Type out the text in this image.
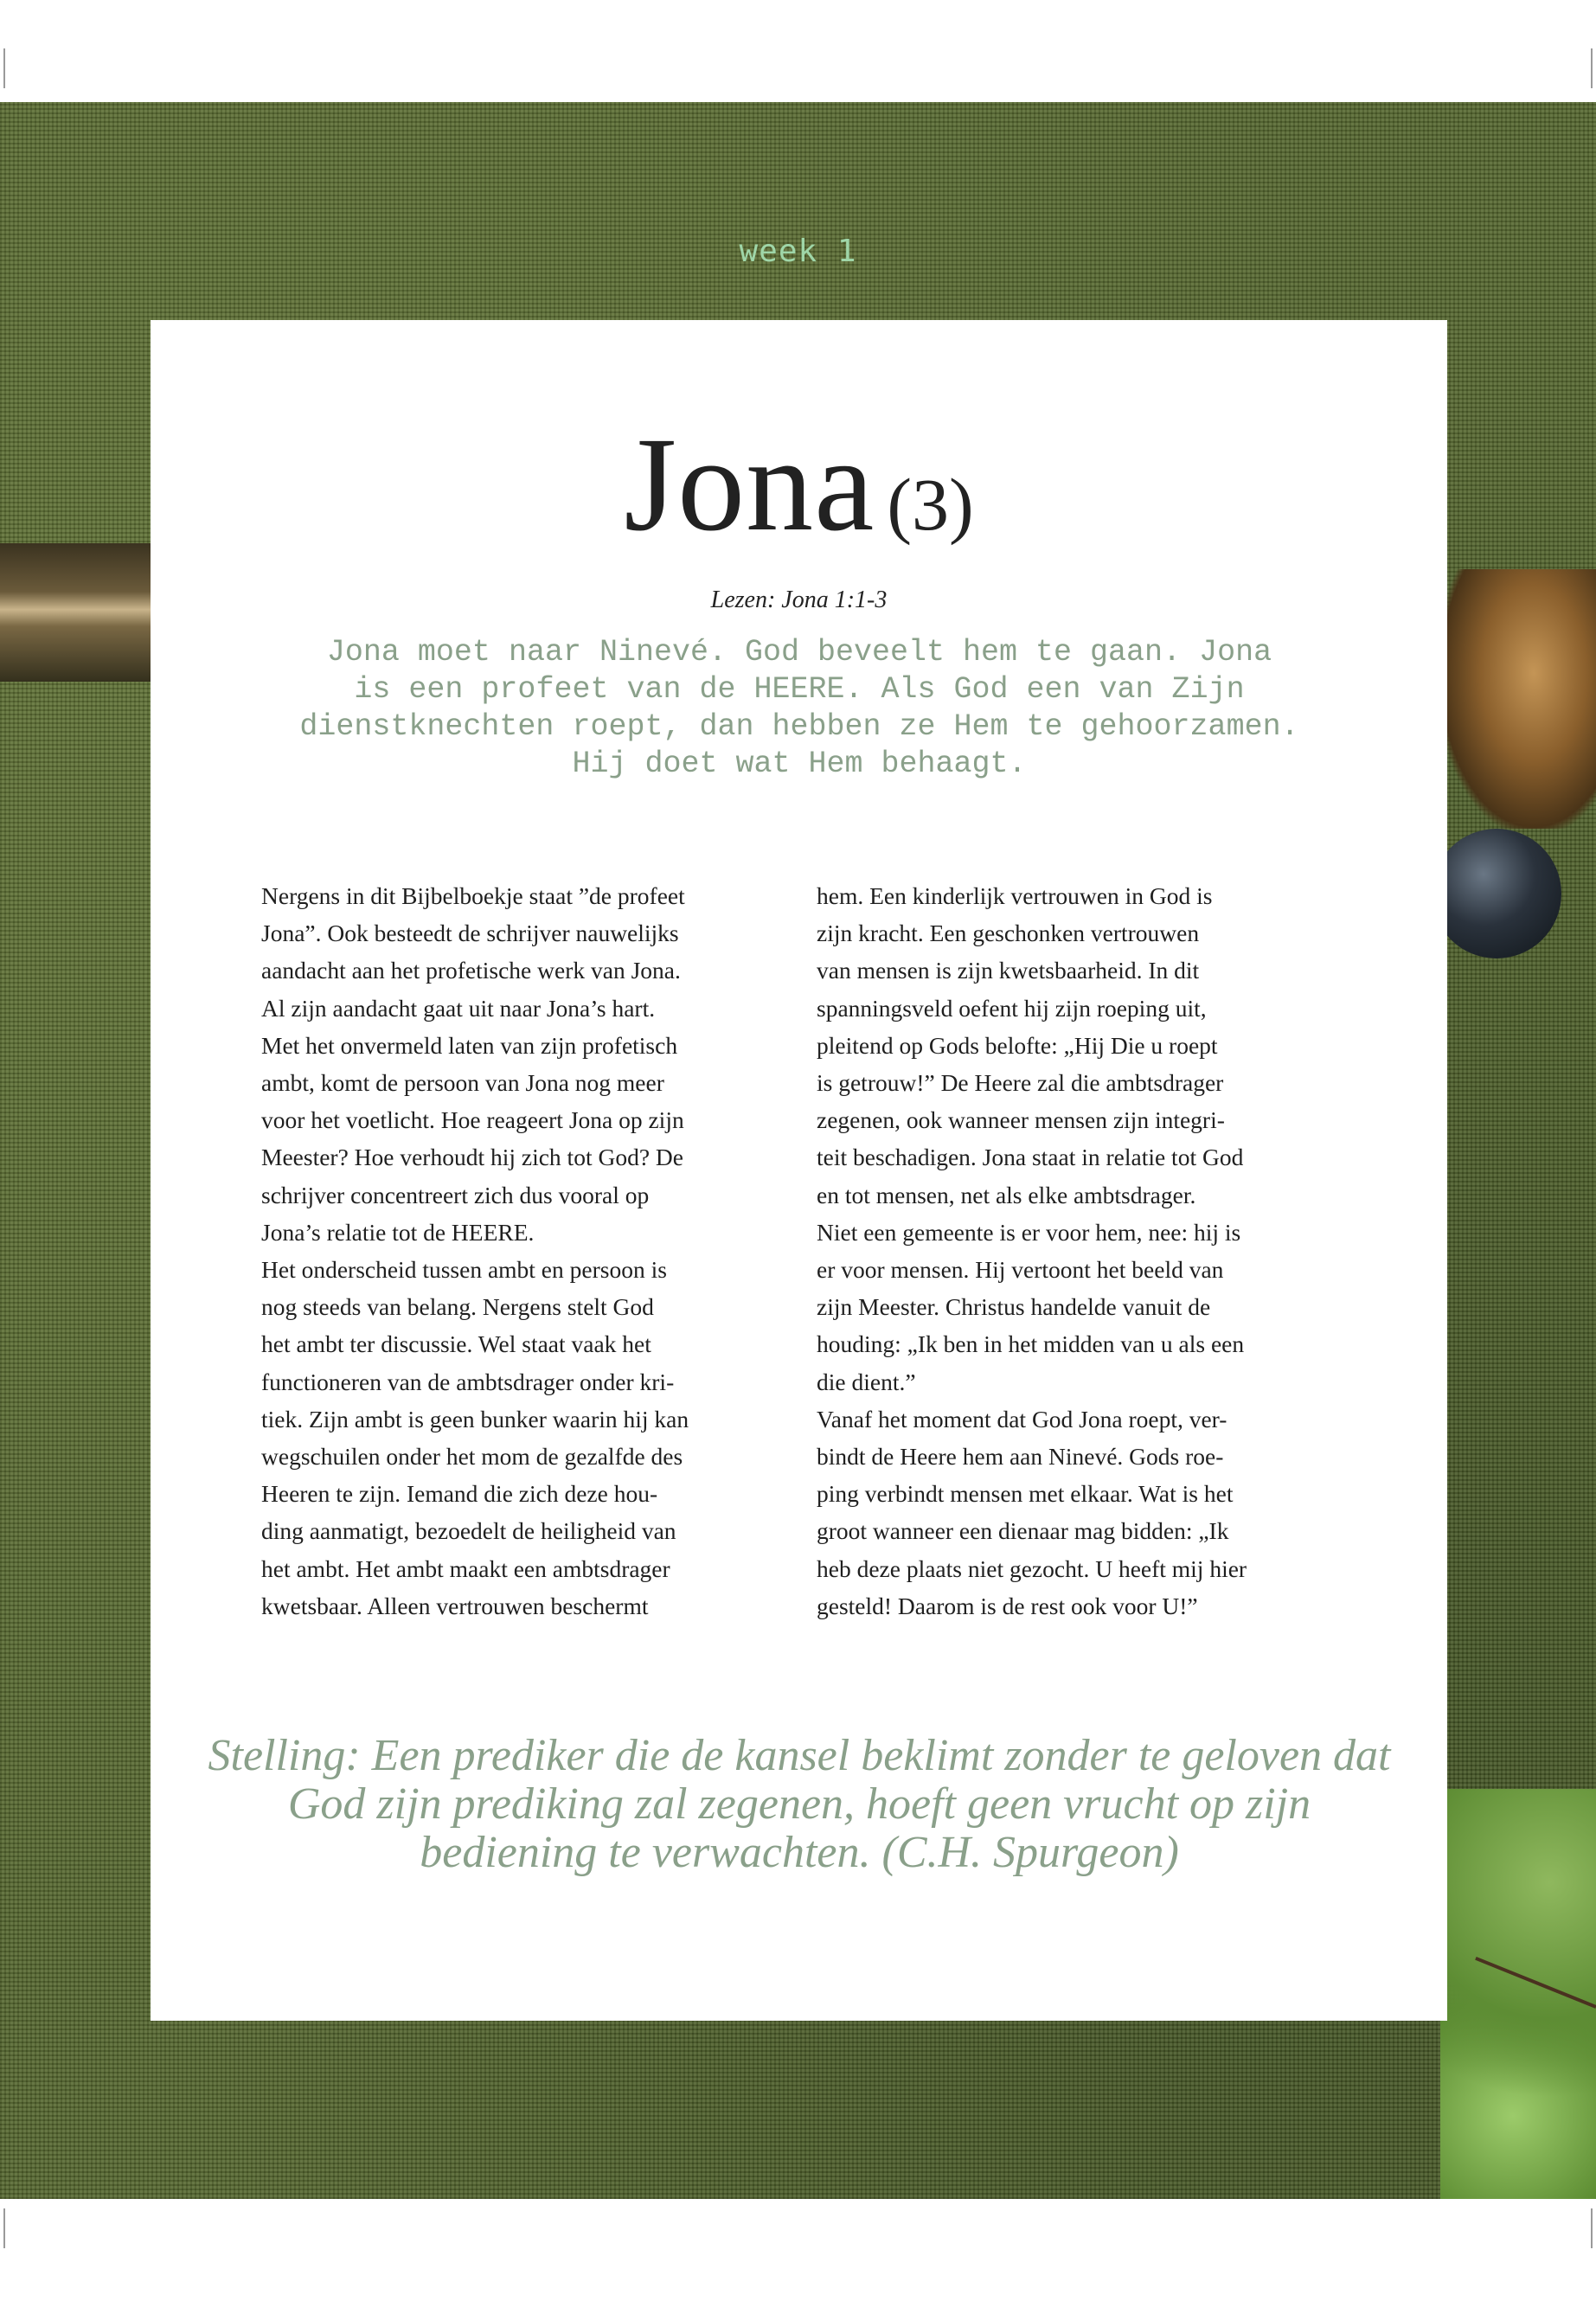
week 1
Jona (3)
Lezen: Jona 1:1-3
Jona moet naar Ninevé. God beveelt hem te gaan. Jona
is een profeet van de HEERE. Als God een van Zijn
dienstknechten roept, dan hebben ze Hem te gehoorzamen.
Hij doet wat Hem behaagt.
Nergens in dit Bijbelboekje staat ”de profeet
Jona”. Ook besteedt de schrijver nauwelijks
aandacht aan het profetische werk van Jona.
Al zijn aandacht gaat uit naar Jona’s hart.
Met het onvermeld laten van zijn profetisch
ambt, komt de persoon van Jona nog meer
voor het voetlicht. Hoe reageert Jona op zijn
Meester? Hoe verhoudt hij zich tot God? De
schrijver concentreert zich dus vooral op
Jona’s relatie tot de HEERE.
Het onderscheid tussen ambt en persoon is
nog steeds van belang. Nergens stelt God
het ambt ter discussie. Wel staat vaak het
functioneren van de ambtsdrager onder kri-
tiek. Zijn ambt is geen bunker waarin hij kan
wegschuilen onder het mom de gezalfde des
Heeren te zijn. Iemand die zich deze hou-
ding aanmatigt, bezoedelt de heiligheid van
het ambt. Het ambt maakt een ambtsdrager
kwetsbaar. Alleen vertrouwen beschermt
hem. Een kinderlijk vertrouwen in God is
zijn kracht. Een geschonken vertrouwen
van mensen is zijn kwetsbaarheid. In dit
spanningsveld oefent hij zijn roeping uit,
pleitend op Gods belofte: „Hij Die u roept
is getrouw!” De Heere zal die ambtsdrager
zegenen, ook wanneer mensen zijn integri-
teit beschadigen. Jona staat in relatie tot God
en tot mensen, net als elke ambtsdrager.
Niet een gemeente is er voor hem, nee: hij is
er voor mensen. Hij vertoont het beeld van
zijn Meester. Christus handelde vanuit de
houding: „Ik ben in het midden van u als een
die dient.”
Vanaf het moment dat God Jona roept, ver-
bindt de Heere hem aan Ninevé. Gods roe-
ping verbindt mensen met elkaar. Wat is het
groot wanneer een dienaar mag bidden: „Ik
heb deze plaats niet gezocht. U heeft mij hier
gesteld! Daarom is de rest ook voor U!”
Stelling: Een prediker die de kansel beklimt zonder te geloven dat God zijn prediking zal zegenen, hoeft geen vrucht op zijn bediening te verwachten. (C.H. Spurgeon)
